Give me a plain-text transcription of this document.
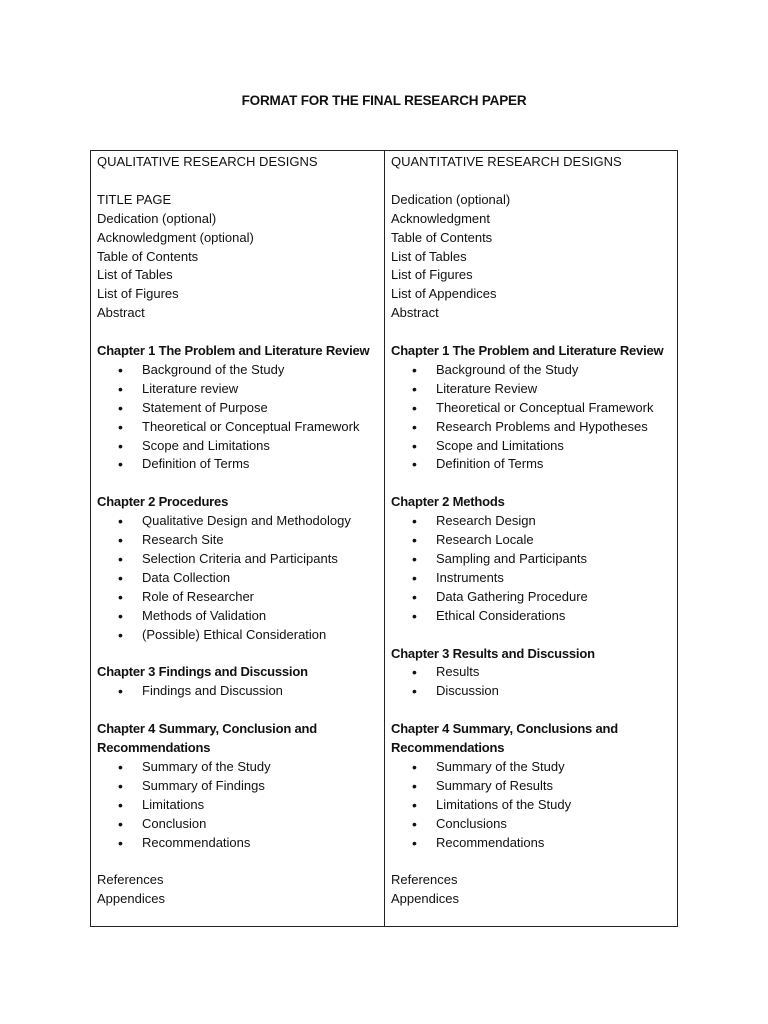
FORMAT FOR THE FINAL RESEARCH PAPER
QUALITATIVE RESEARCH DESIGNS
TITLE PAGE
Dedication (optional)
Acknowledgment (optional)
Table of Contents
List of Tables
List of Figures
Abstract
Chapter 1 The Problem and Literature Review
• Background of the Study
• Literature review
• Statement of Purpose
• Theoretical or Conceptual Framework
• Scope and Limitations
• Definition of Terms
Chapter 2 Procedures
• Qualitative Design and Methodology
• Research Site
• Selection Criteria and Participants
• Data Collection
• Role of Researcher
• Methods of Validation
• (Possible) Ethical Consideration
Chapter 3 Findings and Discussion
• Findings and Discussion
Chapter 4 Summary, Conclusion and Recommendations
• Summary of the Study
• Summary of Findings
• Limitations
• Conclusion
• Recommendations
References
Appendices
QUANTITATIVE RESEARCH DESIGNS
Dedication (optional)
Acknowledgment
Table of Contents
List of Tables
List of Figures
List of Appendices
Abstract
Chapter 1 The Problem and Literature Review
• Background of the Study
• Literature Review
• Theoretical or Conceptual Framework
• Research Problems and Hypotheses
• Scope and Limitations
• Definition of Terms
Chapter 2 Methods
• Research Design
• Research Locale
• Sampling and Participants
• Instruments
• Data Gathering Procedure
• Ethical Considerations
Chapter 3 Results and Discussion
• Results
• Discussion
Chapter 4 Summary, Conclusions and Recommendations
• Summary of the Study
• Summary of Results
• Limitations of the Study
• Conclusions
• Recommendations
References
Appendices
